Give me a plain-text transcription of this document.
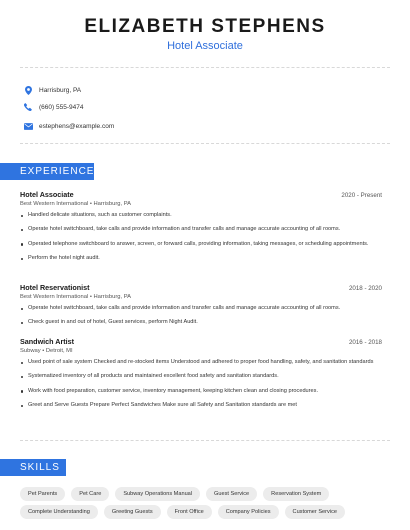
ELIZABETH STEPHENS
Hotel Associate
Harrisburg, PA
(660) 555-9474
estephens@example.com
EXPERIENCE
Hotel Associate	2020 - Present
Best Western International • Harrisburg, PA
Handled delicate situations, such as customer complaints.
Operate hotel switchboard, take calls and provide information and transfer calls and manage accurate accounting of all rooms.
Operated telephone switchboard to answer, screen, or forward calls, providing information, taking messages, or scheduling appointments.
Perform the hotel night audit.
Hotel Reservationist	2018 - 2020
Best Western International • Harrisburg, PA
Operate hotel switchboard, take calls and provide information and transfer calls and manage accurate accounting of all rooms.
Check guest in and out of hotel, Guest services, perform Night Audit.
Sandwich Artist	2016 - 2018
Subway • Detroit, MI
Used point of sale system Checked and re-stocked items Understood and adhered to proper food handling, safety, and sanitation standards
Systematized inventory of all products and maintained excellent food safety and sanitation standards.
Work with food preparation, customer service, inventory management, keeping kitchen clean and closing procedures.
Greet and Serve Guests Prepare Perfect Sandwiches Make sure all Safety and Sanitation standards are met
SKILLS
Pet Parents	Pet Care	Subway Operations Manual	Guest Service	Reservation System
Complete Understanding	Greeting Guests	Front Office	Company Policies	Customer Service
